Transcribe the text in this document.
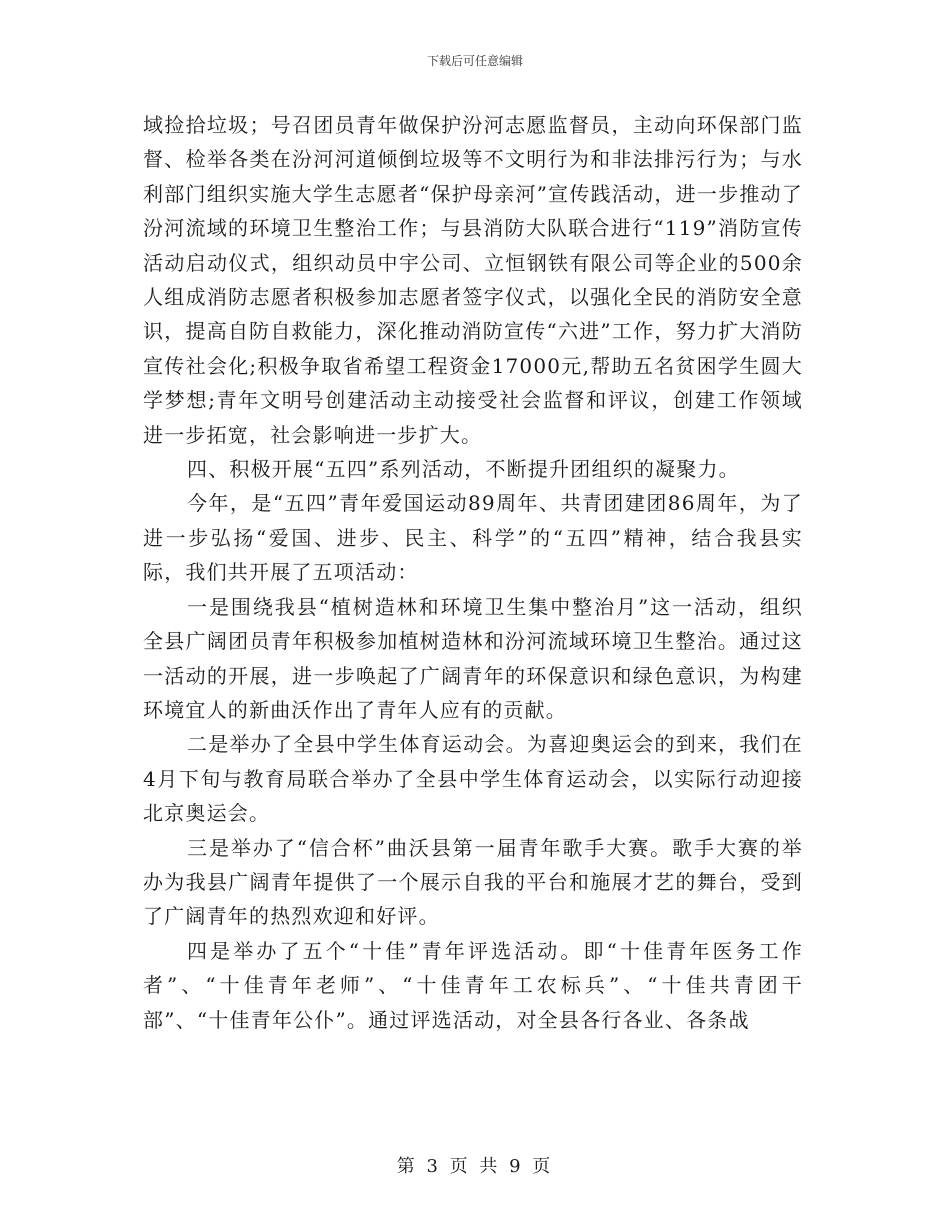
下载后可任意编辑

域捡拾垃圾；号召团员青年做保护汾河志愿监督员，主动向环保部门监督、检举各类在汾河河道倾倒垃圾等不文明行为和非法排污行为；与水利部门组织实施大学生志愿者“保护母亲河”宣传践活动，进一步推动了汾河流域的环境卫生整治工作；与县消防大队联合进行“119”消防宣传活动启动仪式，组织动员中宇公司、立恒钢铁有限公司等企业的500余人组成消防志愿者积极参加志愿者签字仪式，以强化全民的消防安全意识，提高自防自救能力，深化推动消防宣传“六进”工作，努力扩大消防宣传社会化;积极争取省希望工程资金17000元,帮助五名贫困学生圆大学梦想;青年文明号创建活动主动接受社会监督和评议，创建工作领域进一步拓宽，社会影响进一步扩大。

四、积极开展“五四”系列活动，不断提升团组织的凝聚力。

今年，是“五四”青年爱国运动89周年、共青团建团86周年，为了进一步弘扬“爱国、进步、民主、科学”的“五四”精神，结合我县实际，我们共开展了五项活动：

一是围绕我县“植树造林和环境卫生集中整治月”这一活动，组织全县广阔团员青年积极参加植树造林和汾河流域环境卫生整治。通过这一活动的开展，进一步唤起了广阔青年的环保意识和绿色意识，为构建环境宜人的新曲沃作出了青年人应有的贡献。

二是举办了全县中学生体育运动会。为喜迎奥运会的到来，我们在4月下旬与教育局联合举办了全县中学生体育运动会，以实际行动迎接北京奥运会。

三是举办了“信合杯”曲沃县第一届青年歌手大赛。歌手大赛的举办为我县广阔青年提供了一个展示自我的平台和施展才艺的舞台，受到了广阔青年的热烈欢迎和好评。

四是举办了五个“十佳”青年评选活动。即“十佳青年医务工作者”、“十佳青年老师”、“十佳青年工农标兵”、“十佳共青团干部”、“十佳青年公仆”。通过评选活动，对全县各行各业、各条战

第 3 页 共 9 页
